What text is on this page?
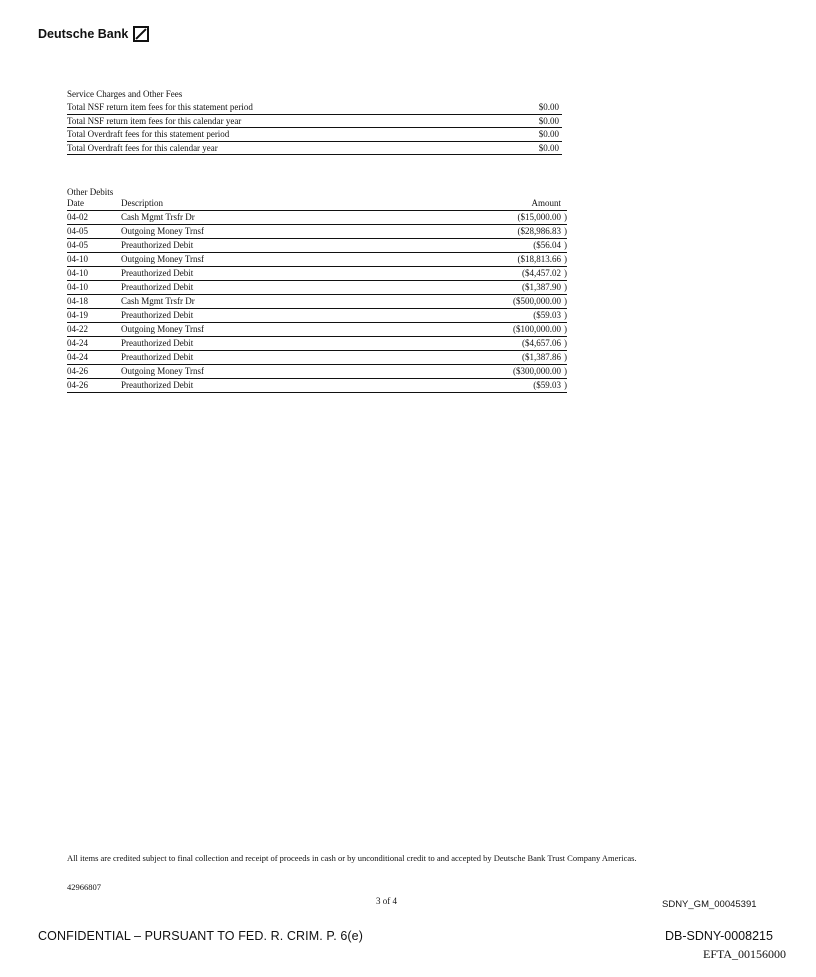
Deutsche Bank
Service Charges and Other Fees
Total NSF return item fees for this statement period	$0.00
Total NSF return item fees for this calendar year	$0.00
Total Overdraft fees for this statement period	$0.00
Total Overdraft fees for this calendar year	$0.00
Other Debits
Date	Description	Amount
04-02	Cash Mgmt Trsfr Dr	($15,000.00 )
04-05	Outgoing Money Trnsf	($28,986.83 )
04-05	Preauthorized Debit	($56.04 )
04-10	Outgoing Money Trnsf	($18,813.66 )
04-10	Preauthorized Debit	($4,457.02 )
04-10	Preauthorized Debit	($1,387.90 )
04-18	Cash Mgmt Trsfr Dr	($500,000.00 )
04-19	Preauthorized Debit	($59.03 )
04-22	Outgoing Money Trnsf	($100,000.00 )
04-24	Preauthorized Debit	($4,657.06 )
04-24	Preauthorized Debit	($1,387.86 )
04-26	Outgoing Money Trnsf	($300,000.00 )
04-26	Preauthorized Debit	($59.03 )
All items are credited subject to final collection and receipt of proceeds in cash or by unconditional credit to and accepted by Deutsche Bank Trust Company Americas.
42966807
3 of 4	SDNY_GM_00045391
CONFIDENTIAL – PURSUANT TO FED. R. CRIM. P. 6(e)	DB-SDNY-0008215
EFTA_00156000
